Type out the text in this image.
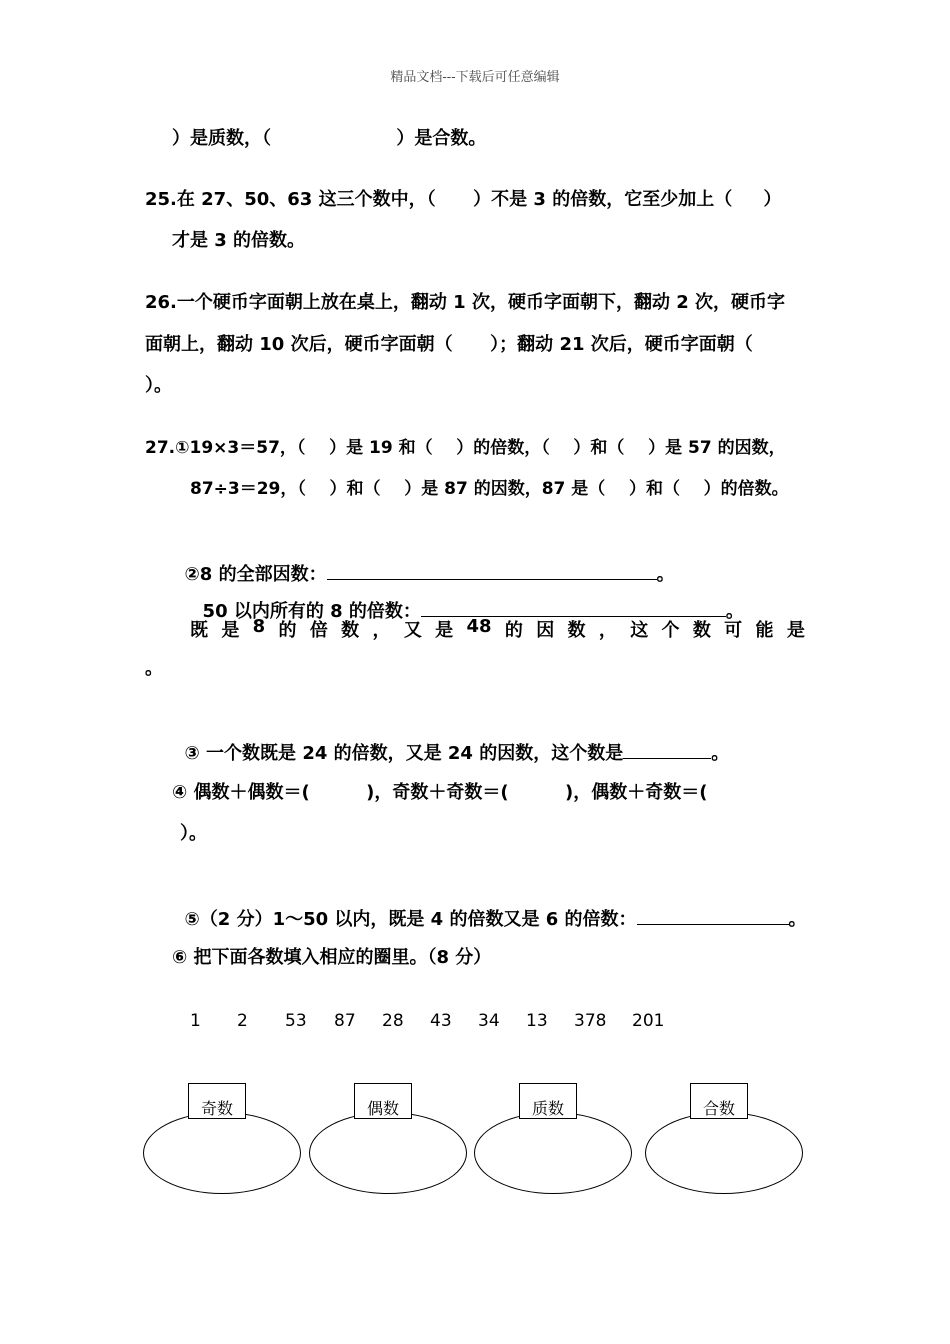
精品文档---下载后可任意编辑
）是质数，（                    ）是合数。
25.在 27、50、63 这三个数中，（      ）不是 3 的倍数，它至少加上（     ）
才是 3 的倍数。
26.一个硬币字面朝上放在桌上，翻动 1 次，硬币字面朝下，翻动 2 次，硬币字
面朝上，翻动 10 次后，硬币字面朝（      ）；翻动 21 次后，硬币字面朝（
）。
27.①19×3＝57，（    ）是 19 和（    ）的倍数，（    ）和（    ）是 57 的因数，
87÷3＝29，（    ）和（    ）是 87 的因数，87 是（    ）和（    ）的倍数。

②8 的全部因数：	。

50 以内所有的 8 的倍数：	。

既 是 8 的 倍 数 ， 又 是 48 的 因 数 ， 这 个 数 可 能 是
。

③ 一个数既是 24 的倍数，又是 24 的因数，这个数是	。

④ 偶数＋偶数＝(         )，奇数＋奇数＝(         )，偶数＋奇数＝(
）。

⑤（2 分）1～50 以内，既是 4 的倍数又是 6 的倍数：	。

⑥ 把下面各数填入相应的圈里。（8 分）
1 2 53 87 28 43 34 13 378 201
奇数	偶数	质数	合数
